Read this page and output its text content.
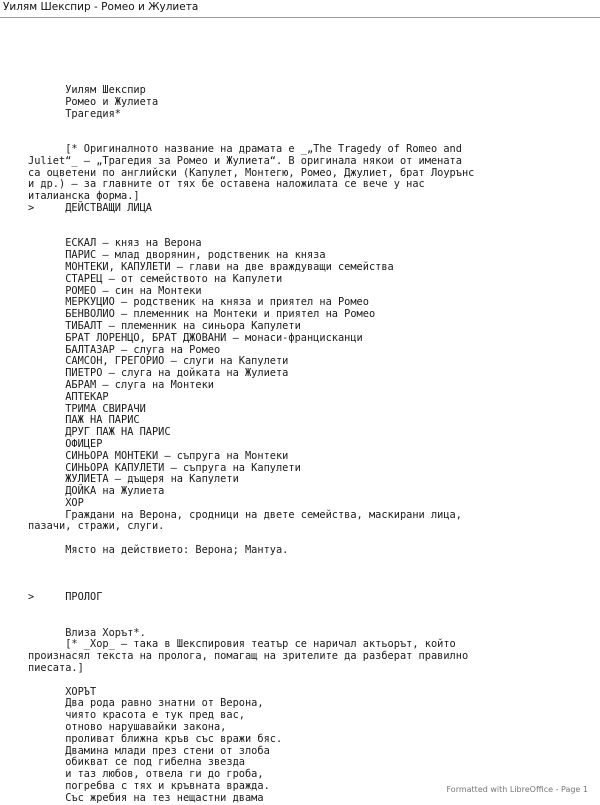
Уилям Шекспир - Ромео и Жулиета
Уилям Шекспир
Ромео и Жулиета
Трагедия*
[* Оригиналното название на драмата е _„The Tragedy of Romeo and
Juliet“_ — „Трагедия за Ромео и Жулиета“. В оригинала някои от имената
са оцветени по английски (Капулет, Монтегю, Ромео, Джулиет, брат Лоурънс
и др.) — за главните от тях бе оставена наложилата се вече у нас
италианска форма.]
>     ДЕЙСТВАЩИ ЛИЦА
ЕСКАЛ — княз на Верона
ПАРИС — млад дворянин, родственик на княза
МОНТЕКИ, КАПУЛЕТИ — глави на две враждуващи семейства
СТАРЕЦ — от семейството на Капулети
РОМЕО — син на Монтеки
МЕРКУЦИО — родственик на княза и приятел на Ромео
БЕНВОЛИО — племенник на Монтеки и приятел на Ромео
ТИБАЛТ — племенник на синьора Капулети
БРАТ ЛОРЕНЦО, БРАТ ДЖОВАНИ — монаси-францисканци
БАЛТАЗАР — слуга на Ромео
САМСОН, ГРЕГОРИО — слуги на Капулети
ПИЕТРО — слуга на дойката на Жулиета
АБРАМ — слуга на Монтеки
АПТЕКАР
ТРИМА СВИРАЧИ
ПАЖ НА ПАРИС
ДРУГ ПАЖ НА ПАРИС
ОФИЦЕР
СИНЬОРА МОНТЕКИ — съпруга на Монтеки
СИНЬОРА КАПУЛЕТИ — съпруга на Капулети
ЖУЛИЕТА — дъщеря на Капулети
ДОЙКА на Жулиета
ХОР
Граждани на Верона, сродници на двете семейства, маскирани лица,
пазачи, стражи, слуги.
Място на действието: Верона; Мантуа.
>     ПРОЛОГ
Влиза Хорът*.
[* _Хор_ — така в Шекспировия театър се наричал актьорът, който
произнасял текста на пролога, помагащ на зрителите да разберат правилно
пиесата.]
ХОРЪТ
Два рода равно знатни от Верона,
чиято красота е тук пред вас,
отново нарушавайки закона,
проливат ближна кръв със вражи бяс.
Двамина млади през стени от злоба
обикват се под гибелна звезда
и таз любов, отвела ги до гроба,
погребва с тях и кръвната вражда.
Със жребия на тез нещастни двама
Formatted with LibreOffice - Page 1
